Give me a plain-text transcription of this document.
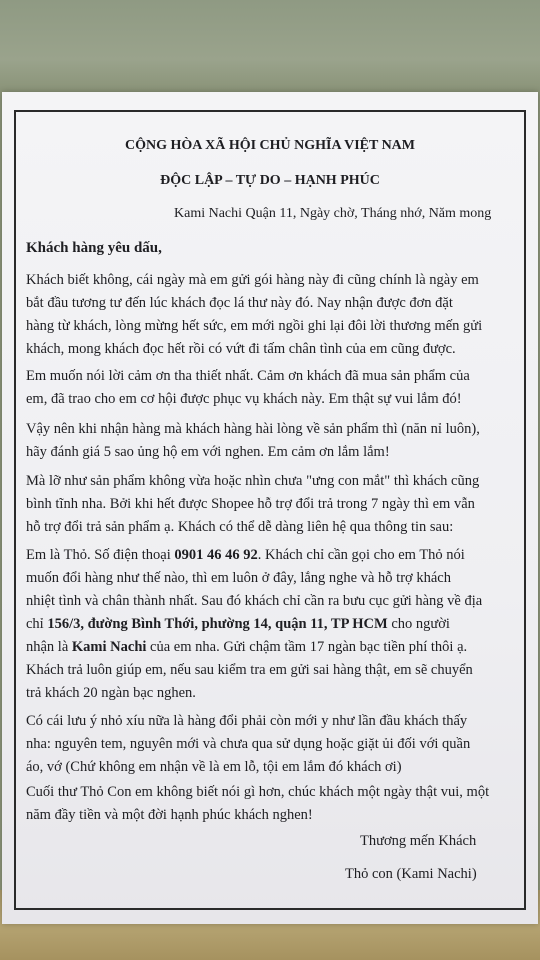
CỘNG HÒA XÃ HỘI CHỦ NGHĨA VIỆT NAM
ĐỘC LẬP – TỰ DO – HẠNH PHÚC
Kami Nachi Quận 11, Ngày chờ, Tháng nhớ, Năm mong
Khách hàng yêu dấu,
Khách biết không, cái ngày mà em gửi gói hàng này đi cũng chính là ngày em
bắt đầu tương tư đến lúc khách đọc lá thư này đó. Nay nhận được đơn đặt
hàng từ khách, lòng mừng hết sức, em mới ngồi ghi lại đôi lời thương mến gửi
khách, mong khách đọc hết rồi có vứt đi tấm chân tình của em cũng được.
Em muốn nói lời cảm ơn tha thiết nhất. Cảm ơn khách đã mua sản phẩm của
em, đã trao cho em cơ hội được phục vụ khách này. Em thật sự vui lắm đó!
Vậy nên khi nhận hàng mà khách hàng hài lòng về sản phẩm thì (năn nỉ luôn),
hãy đánh giá 5 sao ủng hộ em với nghen. Em cảm ơn lắm lắm!
Mà lỡ như sản phẩm không vừa hoặc nhìn chưa "ưng con mắt" thì khách cũng
bình tĩnh nha. Bởi khi hết được Shopee hỗ trợ đổi trả trong 7 ngày thì em vẫn
hỗ trợ đổi trả sản phẩm ạ. Khách có thể dễ dàng liên hệ qua thông tin sau:
Em là Thỏ. Số điện thoại 0901 46 46 92. Khách chỉ cần gọi cho em Thỏ nói
muốn đổi hàng như thế nào, thì em luôn ở đây, lắng nghe và hỗ trợ khách
nhiệt tình và chân thành nhất. Sau đó khách chỉ cần ra bưu cục gửi hàng về địa
chỉ 156/3, đường Bình Thới, phường 14, quận 11, TP HCM cho người
nhận là Kami Nachi của em nha. Gửi chậm tầm 17 ngàn bạc tiền phí thôi ạ.
Khách trả luôn giúp em, nếu sau kiểm tra em gửi sai hàng thật, em sẽ chuyển
trả khách 20 ngàn bạc nghen.
Có cái lưu ý nhỏ xíu nữa là hàng đổi phải còn mới y như lần đầu khách thấy
nha: nguyên tem, nguyên mới và chưa qua sử dụng hoặc giặt ủi đối với quần
áo, vớ (Chứ không em nhận về là em lỗ, tội em lắm đó khách ơi)
Cuối thư Thỏ Con em không biết nói gì hơn, chúc khách một ngày thật vui, một
năm đầy tiền và một đời hạnh phúc khách nghen!
Thương mến Khách
Thỏ con (Kami Nachi)
